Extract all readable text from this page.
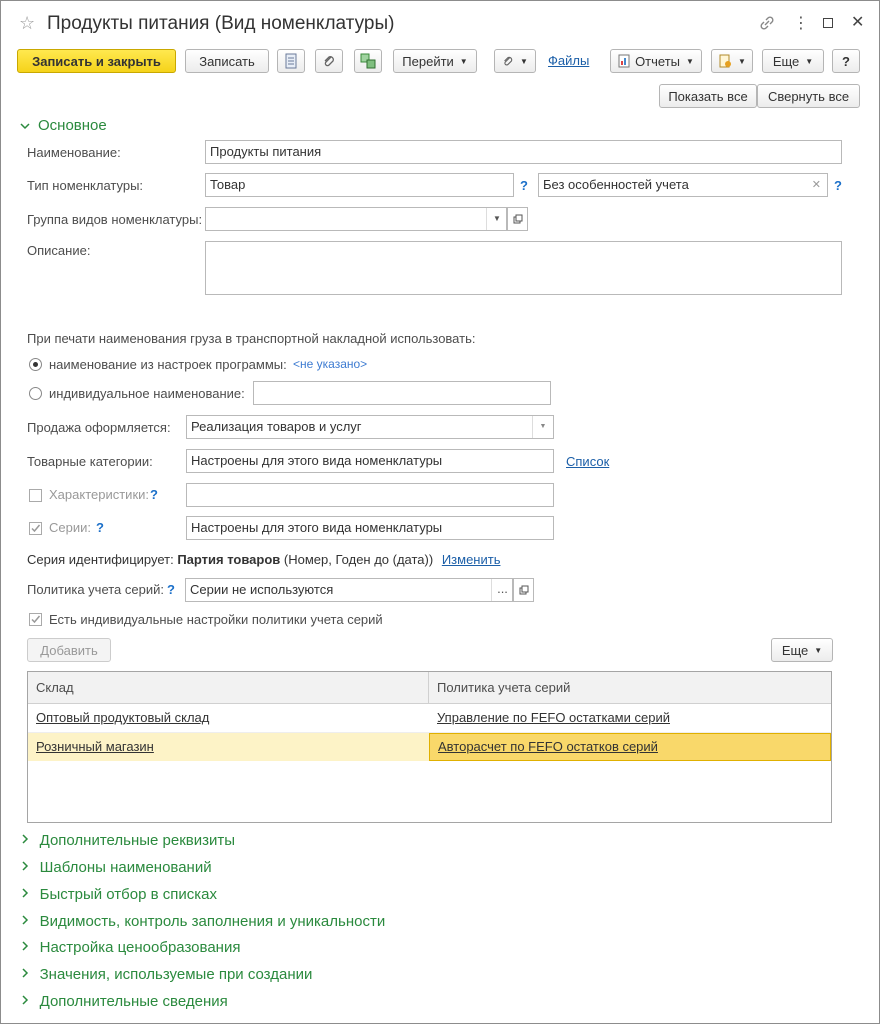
☆ Продукты питания (Вид номенклатуры)	⋮	✕
Записать и закрыть	Записать	Перейти ▼	▼ Файлы	Отчеты ▼	▼ Еще ▼ ?
Показать все Свернуть все
Основное
Наименование:	Продукты питания
Тип номенклатуры:	Товар	?	Без особенностей учета	✕ ?
Группа видов номенклатуры:	▼
Описание:
При печати наименования груза в транспортной накладной использовать:
наименование из настроек программы: <не указано>
индивидуальное наименование:
Продажа оформляется:	Реализация товаров и услуг	▼
Товарные категории:	Настроены для этого вида номенклатуры	Список
Характеристики: ?
Серии: ?	Настроены для этого вида номенклатуры
Серия идентифицирует: Партия товаров (Номер, Годен до (дата)) Изменить
Политика учета серий: ?	Серии не используются	...
Есть индивидуальные настройки политики учета серий
Добавить	Еще ▼
Склад	Политика учета серий
Оптовый продуктовый склад	Управление по FEFO остатками серий
Розничный магазин	Авторасчет по FEFO остатков серий
Дополнительные реквизиты
Шаблоны наименований
Быстрый отбор в списках
Видимость, контроль заполнения и уникальности
Настройка ценообразования
Значения, используемые при создании
Дополнительные сведения
